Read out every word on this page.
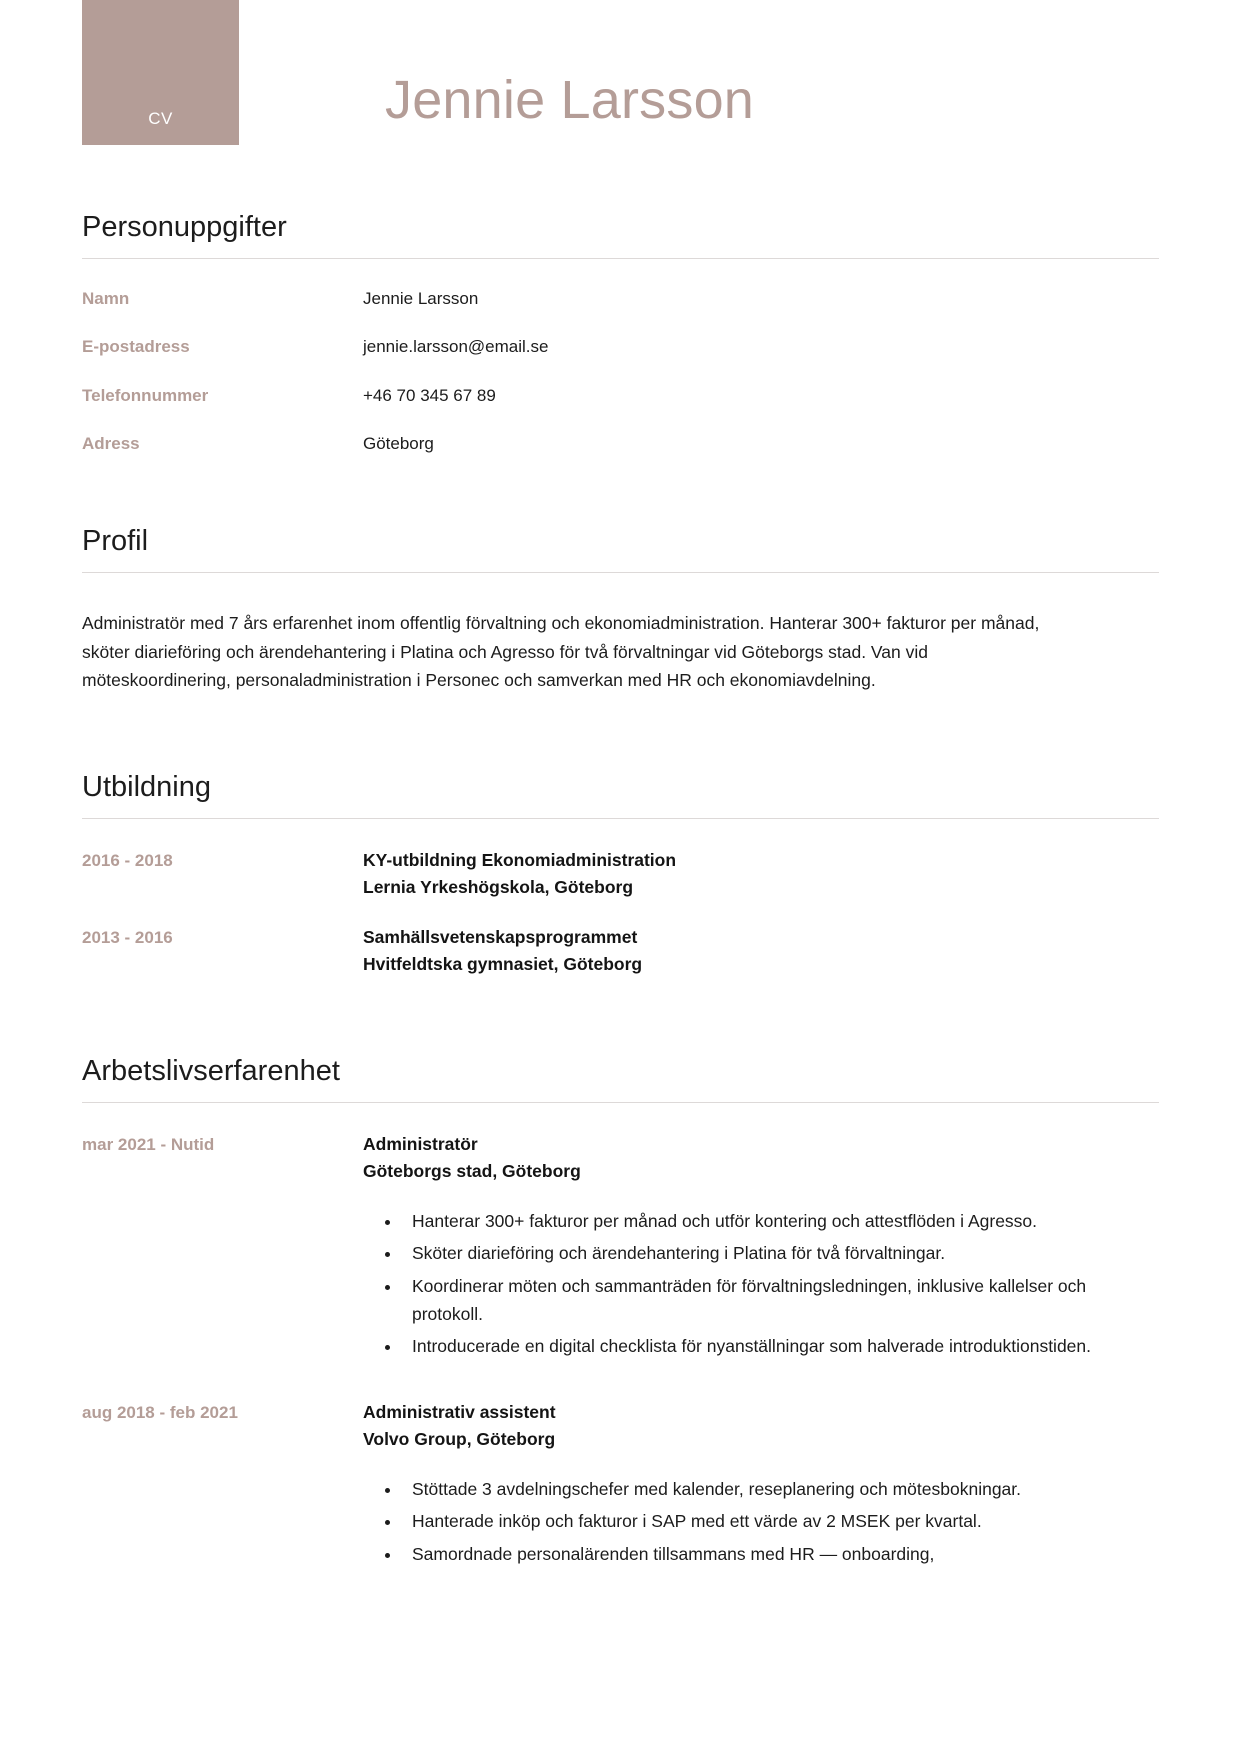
CV	Jennie Larsson
Personuppgifter
Namn	Jennie Larsson
E-postadress	jennie.larsson@email.se
Telefonnummer	+46 70 345 67 89
Adress	Göteborg
Profil

Administratör med 7 års erfarenhet inom offentlig förvaltning och ekonomiadministration. Hanterar 300+ fakturor per månad, sköter diarieföring och ärendehantering i Platina och Agresso för två förvaltningar vid Göteborgs stad. Van vid möteskoordinering, personaladministration i Personec och samverkan med HR och ekonomiavdelning.

Utbildning
2016 - 2018	KY-utbildning Ekonomiadministration
Lernia Yrkeshögskola, Göteborg
2013 - 2016	Samhällsvetenskapsprogrammet
Hvitfeldtska gymnasiet, Göteborg
Arbetslivserfarenhet
mar 2021 - Nutid	Administratör
Göteborgs stad, Göteborg
• Hanterar 300+ fakturor per månad och utför kontering och attestflöden i Agresso.
• Sköter diarieföring och ärendehantering i Platina för två förvaltningar.
• Koordinerar möten och sammanträden för förvaltningsledningen, inklusive kallelser och protokoll.
• Introducerade en digital checklista för nyanställningar som halverade introduktionstiden.
aug 2018 - feb 2021	Administrativ assistent
Volvo Group, Göteborg
• Stöttade 3 avdelningschefer med kalender, reseplanering och mötesbokningar.
• Hanterade inköp och fakturor i SAP med ett värde av 2 MSEK per kvartal.
• Samordnade personalärenden tillsammans med HR — onboarding,
